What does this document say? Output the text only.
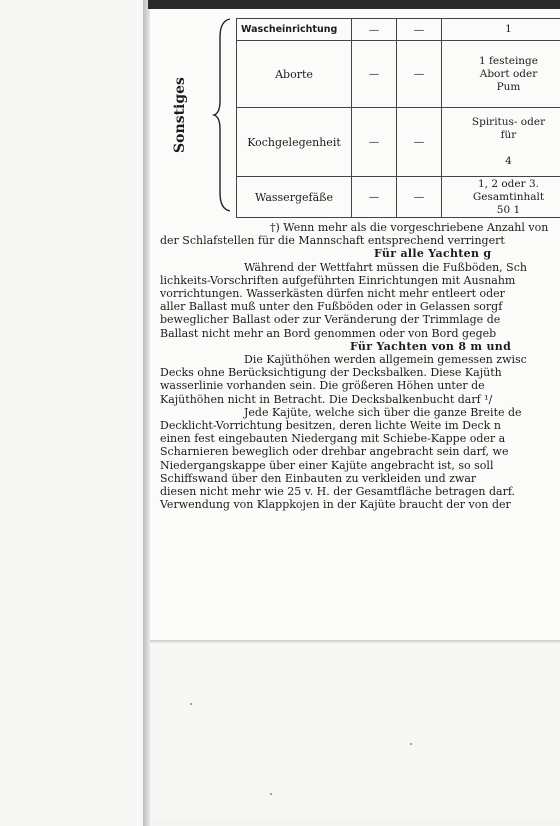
Sonstiges
Wascheinrichtung	—	—	1

Aborte	—	—	1 festeinge
Abort oder
Pum

Kochgelegenheit	—	—	Spiritus- oder
für

4

Wassergefäße	—	—	1, 2 oder 3.
Gesamtinhalt
50 1
†) Wenn mehr als die vorgeschriebene Anzahl von
der Schlafstellen für die Mannschaft entsprechend verringert
Für alle Yachten g
Während der Wettfahrt müssen die Fußböden, Sch
lichkeits-Vorschriften aufgeführten Einrichtungen mit Ausnahm
vorrichtungen. Wasserkästen dürfen nicht mehr entleert oder
aller Ballast muß unter den Fußböden oder in Gelassen sorgf
beweglicher Ballast oder zur Veränderung der Trimmlage de
Ballast nicht mehr an Bord genommen oder von Bord gegeb
Für Yachten von 8 m und
Die Kajüthöhen werden allgemein gemessen zwisc
Decks ohne Berücksichtigung der Decksbalken. Diese Kajüth
wasserlinie vorhanden sein. Die größeren Höhen unter de
Kajüthöhen nicht in Betracht. Die Decksbalkenbucht darf ¹/
Jede Kajüte, welche sich über die ganze Breite de
Decklicht-Vorrichtung besitzen, deren lichte Weite im Deck n
einen fest eingebauten Niedergang mit Schiebe-Kappe oder a
Scharnieren beweglich oder drehbar angebracht sein darf, we
Niedergangskappe über einer Kajüte angebracht ist, so soll
Schiffswand über den Einbauten zu verkleiden und zwar
diesen nicht mehr wie 25 v. H. der Gesamtfläche betragen darf.
Verwendung von Klappkojen in der Kajüte braucht der von der
